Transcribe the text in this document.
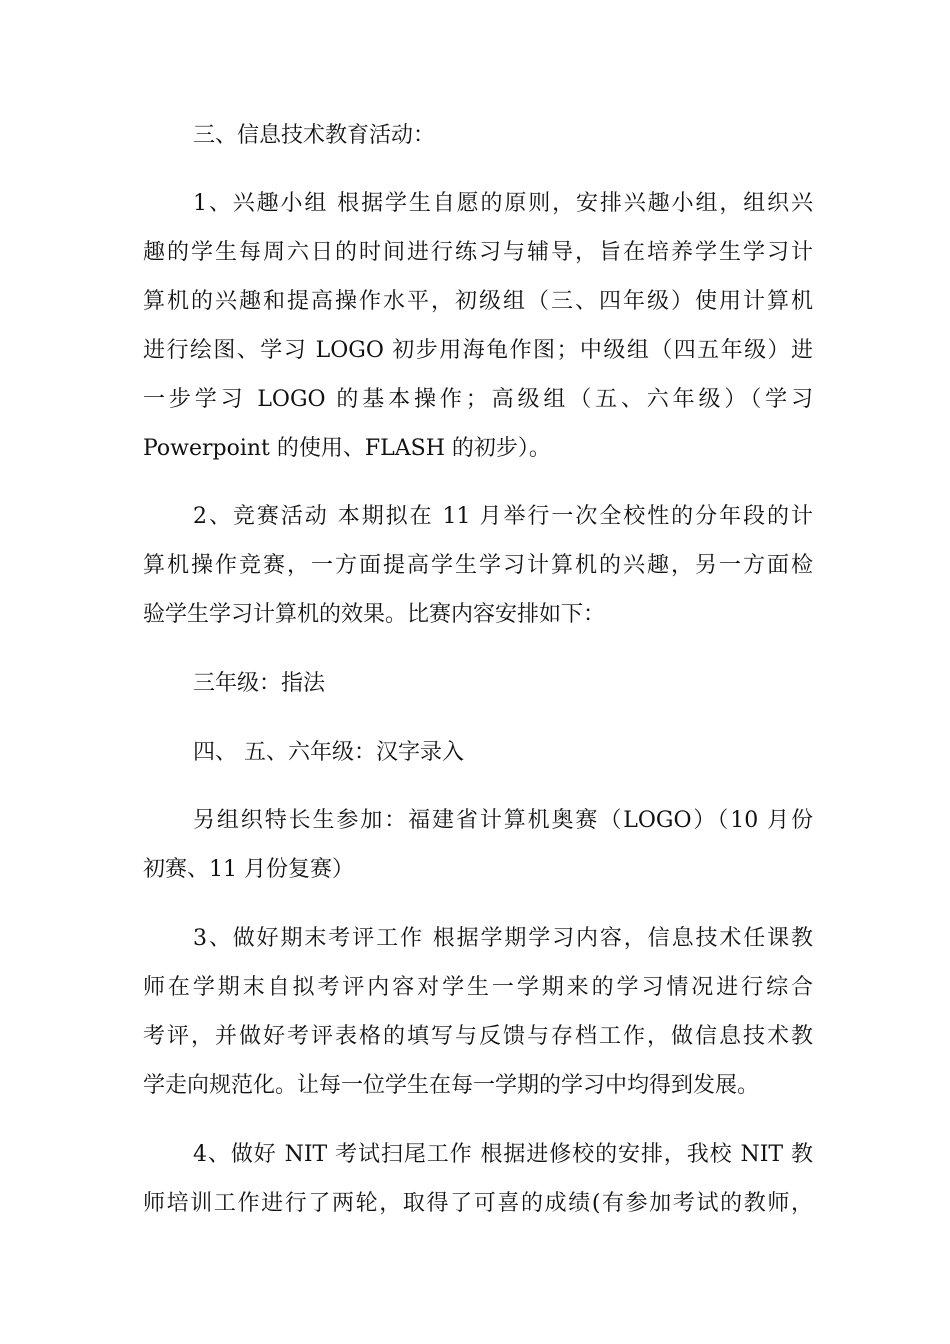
三、信息技术教育活动：
1、兴趣小组 根据学生自愿的原则，安排兴趣小组，组织兴
趣的学生每周六日的时间进行练习与辅导，旨在培养学生学习计
算机的兴趣和提高操作水平，初级组（三、四年级）使用计算机
进行绘图、学习 LOGO 初步用海龟作图；中级组（四五年级）进
一步学习 LOGO 的基本操作；高级组（五、六年级）（学习
Powerpoint 的使用、FLASH 的初步）。
2、竞赛活动 本期拟在 11 月举行一次全校性的分年段的计
算机操作竞赛，一方面提高学生学习计算机的兴趣，另一方面检
验学生学习计算机的效果。比赛内容安排如下：
三年级：指法
四、 五、六年级：汉字录入
另组织特长生参加：福建省计算机奥赛（LOGO）（10 月份
初赛、11 月份复赛）
3、做好期末考评工作 根据学期学习内容，信息技术任课教
师在学期末自拟考评内容对学生一学期来的学习情况进行综合
考评，并做好考评表格的填写与反馈与存档工作，做信息技术教
学走向规范化。让每一位学生在每一学期的学习中均得到发展。
4、做好 NIT 考试扫尾工作 根据进修校的安排，我校 NIT 教
师培训工作进行了两轮，取得了可喜的成绩(有参加考试的教师，
